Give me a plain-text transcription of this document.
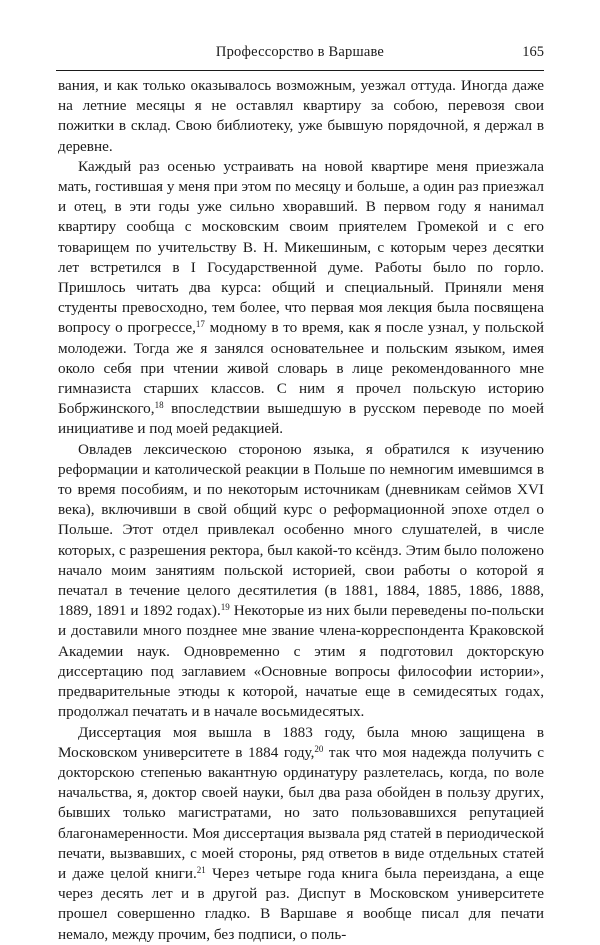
Профессорство в Варшаве	165

вания, и как только оказывалось возможным, уезжал оттуда. Иногда даже на летние месяцы я не оставлял квартиру за собою, перевозя свои пожитки в склад. Свою библиотеку, уже бывшую порядочной, я держал в деревне.

Каждый раз осенью устраивать на новой квартире меня приезжала мать, гостившая у меня при этом по месяцу и больше, а один раз приезжал и отец, в эти годы уже сильно хворавший. В первом году я нанимал квартиру сообща с московским своим приятелем Громекой и с его товарищем по учительству В. Н. Микешиным, с которым через десятки лет встретился в I Государственной думе. Работы было по горло. Пришлось читать два курса: общий и специальный. Приняли меня студенты превосходно, тем более, что первая моя лекция была посвящена вопросу о прогрессе,$^{17}$ модному в то время, как я после узнал, у польской молодежи. Тогда же я занялся основательнее и польским языком, имея около себя при чтении живой словарь в лице рекомендованного мне гимназиста старших классов. С ним я прочел польскую историю Бобржинского,$^{18}$ впоследствии вышедшую в русском переводе по моей инициативе и под моей редакцией.

Овладев лексическою стороною языка, я обратился к изучению реформации и католической реакции в Польше по немногим имевшимся в то время пособиям, и по некоторым источникам (дневникам сеймов XVI века), включивши в свой общий курс о реформационной эпохе отдел о Польше. Этот отдел привлекал особенно много слушателей, в числе которых, с разрешения ректора, был какой-то ксёндз. Этим было положено начало моим занятиям польской историей, свои работы о которой я печатал в течение целого десятилетия (в 1881, 1884, 1885, 1886, 1888, 1889, 1891 и 1892 годах).$^{19}$ Некоторые из них были переведены по-польски и доставили много позднее мне звание члена-корреспондента Краковской Академии наук. Одновременно с этим я подготовил докторскую диссертацию под заглавием «Основные вопросы философии истории», предварительные этюды к которой, начатые еще в семидесятых годах, продолжал печатать и в начале восьмидесятых.

Диссертация моя вышла в 1883 году, была мною защищена в Московском университете в 1884 году,$^{20}$ так что моя надежда получить с докторскою степенью вакантную ординатуру разлетелась, когда, по воле начальства, я, доктор своей науки, был два раза обойден в пользу других, бывших только магистратами, но зато пользовавшихся репутацией благонамеренности. Моя диссертация вызвала ряд статей в периодической печати, вызвавших, с моей стороны, ряд ответов в виде отдельных статей и даже целой книги.$^{21}$ Через четыре года книга была переиздана, а еще через десять лет и в другой раз. Диспут в Московском университете прошел совершенно гладко. В Варшаве я вообще писал для печати немало, между прочим, без подписи, о поль-
